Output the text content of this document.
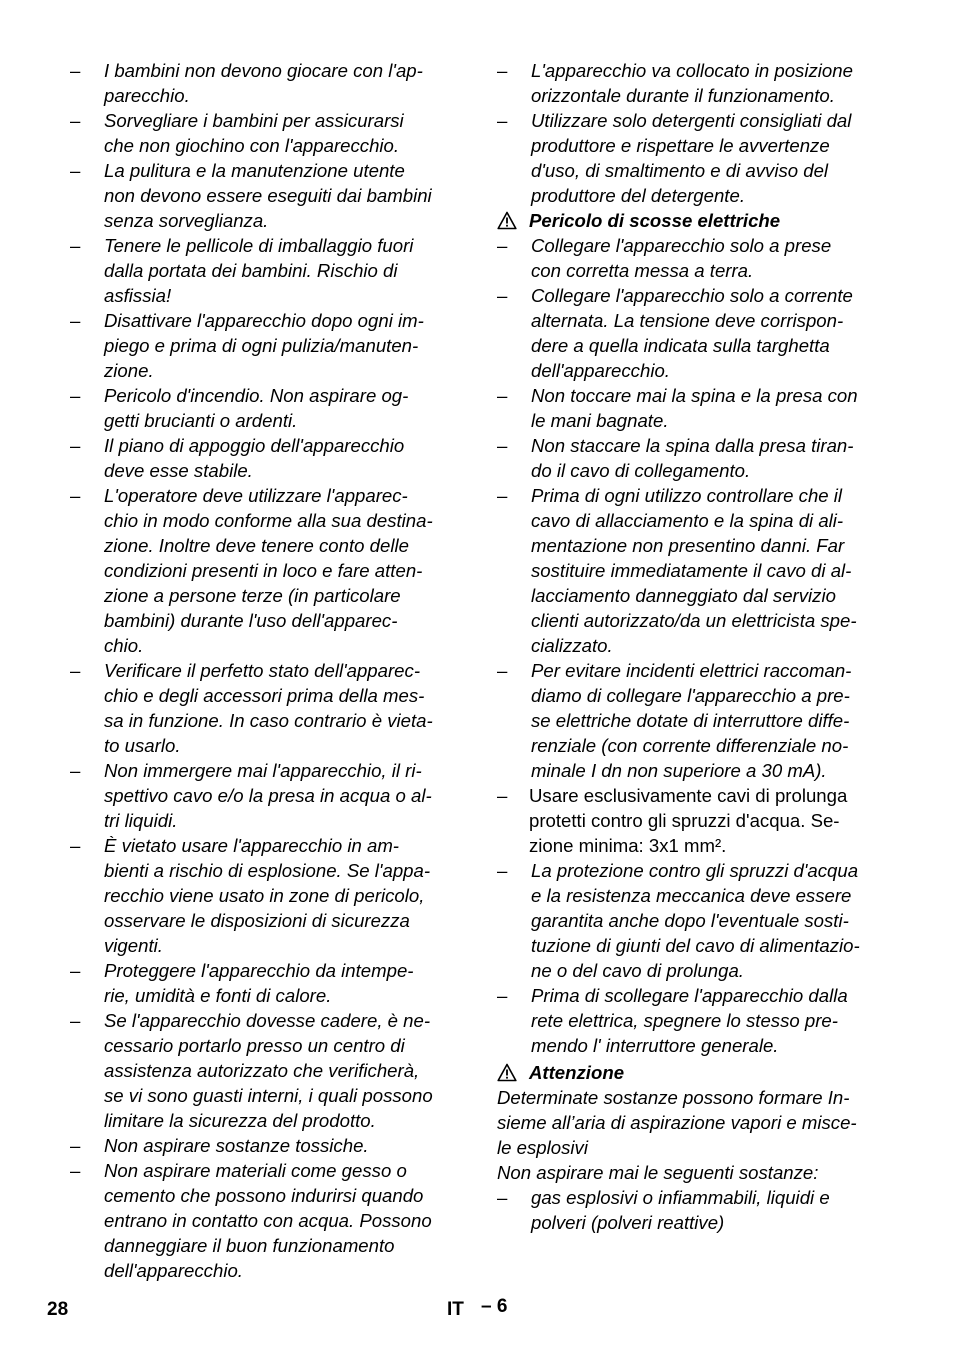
– I bambini non devono giocare con l'ap-
parecchio.
– Sorvegliare i bambini per assicurarsi
che non giochino con l'apparecchio.
– La pulitura e la manutenzione utente
non devono essere eseguiti dai bambini
senza sorveglianza.
– Tenere le pellicole di imballaggio fuori
dalla portata dei bambini. Rischio di
asfissia!
– Disattivare l'apparecchio dopo ogni im-
piego e prima di ogni pulizia/manuten-
zione.
– Pericolo d'incendio. Non aspirare og-
getti brucianti o ardenti.
– Il piano di appoggio dell'apparecchio
deve esse stabile.
– L'operatore deve utilizzare l'apparec-
chio in modo conforme alla sua destina-
zione. Inoltre deve tenere conto delle
condizioni presenti in loco e fare atten-
zione a persone terze (in particolare
bambini) durante l'uso dell'apparec-
chio.
– Verificare il perfetto stato dell'apparec-
chio e degli accessori prima della mes-
sa in funzione. In caso contrario è vieta-
to usarlo.
– Non immergere mai l'apparecchio, il ri-
spettivo cavo e/o la presa in acqua o al-
tri liquidi.
– È vietato usare l'apparecchio in am-
bienti a rischio di esplosione. Se l'appa-
recchio viene usato in zone di pericolo,
osservare le disposizioni di sicurezza
vigenti.
– Proteggere l'apparecchio da intempe-
rie, umidità e fonti di calore.
– Se l'apparecchio dovesse cadere, è ne-
cessario portarlo presso un centro di
assistenza autorizzato che verificherà,
se vi sono guasti interni, i quali possono
limitare la sicurezza del prodotto.
– Non aspirare sostanze tossiche.
– Non aspirare materiali come gesso o
cemento che possono indurirsi quando
entrano in contatto con acqua. Possono
danneggiare il buon funzionamento
dell'apparecchio.
– L'apparecchio va collocato in posizione
orizzontale durante il funzionamento.
– Utilizzare solo detergenti consigliati dal
produttore e rispettare le avvertenze
d'uso, di smaltimento e di avviso del
produttore del detergente.
Pericolo di scosse elettriche
– Collegare l'apparecchio solo a prese
con corretta messa a terra.
– Collegare l'apparecchio solo a corrente
alternata. La tensione deve corrispon-
dere a quella indicata sulla targhetta
dell'apparecchio.
– Non toccare mai la spina e la presa con
le mani bagnate.
– Non staccare la spina dalla presa tiran-
do il cavo di collegamento.
– Prima di ogni utilizzo controllare che il
cavo di allacciamento e la spina di ali-
mentazione non presentino danni. Far
sostituire immediatamente il cavo di al-
lacciamento danneggiato dal servizio
clienti autorizzato/da un elettricista spe-
cializzato.
– Per evitare incidenti elettrici raccoman-
diamo di collegare l'apparecchio a pre-
se elettriche dotate di interruttore diffe-
renziale (con corrente differenziale no-
minale I dn non superiore a 30 mA).
– Usare esclusivamente cavi di prolunga
protetti contro gli spruzzi d'acqua. Se-
zione minima: 3x1 mm².
– La protezione contro gli spruzzi d'acqua
e la resistenza meccanica deve essere
garantita anche dopo l'eventuale sosti-
tuzione di giunti del cavo di alimentazio-
ne o del cavo di prolunga.
– Prima di scollegare l'apparecchio dalla
rete elettrica, spegnere lo stesso pre-
mendo l' interruttore generale.
Attenzione
Determinate sostanze possono formare In-
sieme all’aria di aspirazione vapori e misce-
le esplosivi
Non aspirare mai le seguenti sostanze:
– gas esplosivi o infiammabili, liquidi e
polveri (polveri reattive)
28	IT – 6
